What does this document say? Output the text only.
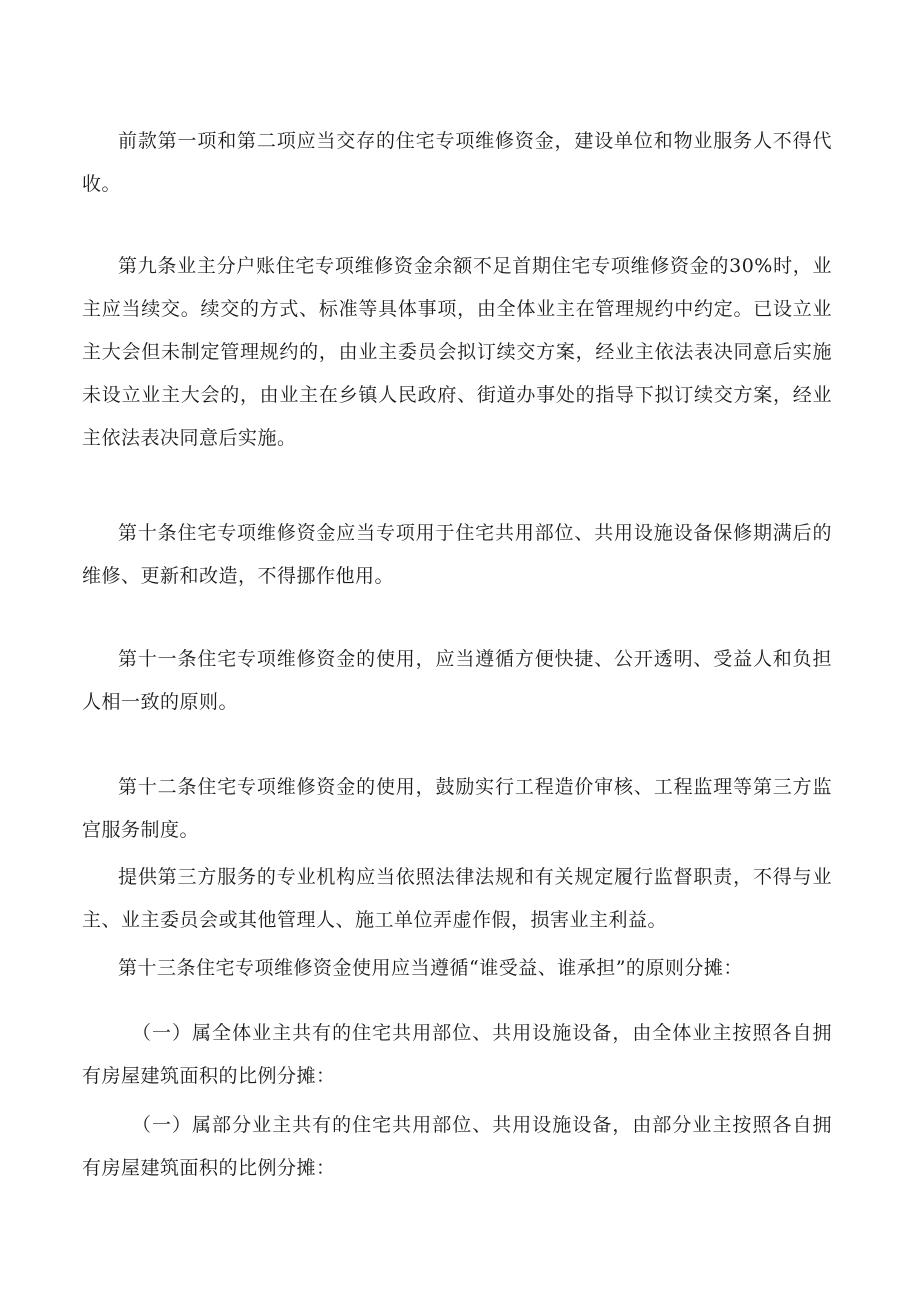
前款第一项和第二项应当交存的住宅专项维修资金，建设单位和物业服务人不得代收。

第九条业主分户账住宅专项维修资金余额不足首期住宅专项维修资金的30%时，业主应当续交。续交的方式、标准等具体事项，由全体业主在管理规约中约定。已设立业主大会但未制定管理规约的，由业主委员会拟订续交方案，经业主依法表决同意后实施未设立业主大会的，由业主在乡镇人民政府、街道办事处的指导下拟订续交方案，经业主依法表决同意后实施。

第十条住宅专项维修资金应当专项用于住宅共用部位、共用设施设备保修期满后的维修、更新和改造，不得挪作他用。

第十一条住宅专项维修资金的使用，应当遵循方便快捷、公开透明、受益人和负担人相一致的原则。

第十二条住宅专项维修资金的使用，鼓励实行工程造价审核、工程监理等第三方监宫服务制度。

提供第三方服务的专业机构应当依照法律法规和有关规定履行监督职责，不得与业主、业主委员会或其他管理人、施工单位弄虚作假，损害业主利益。

第十三条住宅专项维修资金使用应当遵循“谁受益、谁承担”的原则分摊：

（一）属全体业主共有的住宅共用部位、共用设施设备，由全体业主按照各自拥有房屋建筑面积的比例分摊：

（一）属部分业主共有的住宅共用部位、共用设施设备，由部分业主按照各自拥有房屋建筑面积的比例分摊：
